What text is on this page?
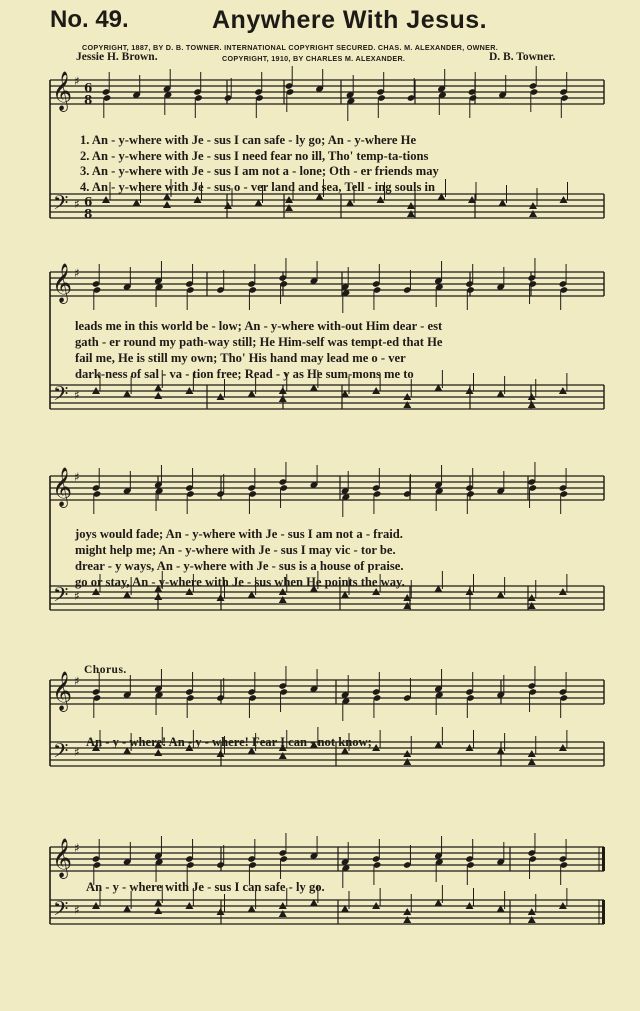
No. 49.	Anywhere With Jesus.
COPYRIGHT, 1887, BY D. B. TOWNER. INTERNATIONAL COPYRIGHT SECURED. CHAS. M. ALEXANDER, OWNER.
COPYRIGHT, 1910, BY CHARLES M. ALEXANDER.
Jessie H. Brown.	D. B. Towner.
𝄞
𝄢
♯
♯
6
8
6
8
𝄞
𝄢
♯
♯
𝄞
𝄢
♯
♯
𝄞
𝄢
♯
♯
𝄞
𝄢
♯
♯
Chorus.
1. An - y-where with Je - sus I can safe - ly go; An - y-where He
2. An - y-where with Je - sus I need fear no ill, Tho' temp-ta-tions
3. An - y-where with Je - sus I am not a - lone; Oth - er friends may
4. An - y-where with Je - sus o - ver land and sea, Tell - ing souls in
leads me in this world be - low; An - y-where with-out Him dear - est
gath - er round my path-way still; He Him-self was tempt-ed that He
fail me, He is still my own; Tho' His hand may lead me o - ver
dark-ness of sal - va - tion free; Read - y as He sum-mons me to
joys would fade; An - y-where with Je - sus I am not a - fraid.
might help me; An - y-where with Je - sus I may vic - tor be.
drear - y ways, An - y-where with Je - sus is a house of praise.
go or stay, An - y-where with Je - sus when He points the way.
An - y - where! An - y - where! Fear I can - not know;
An - y - where with Je - sus I can safe - ly go.
